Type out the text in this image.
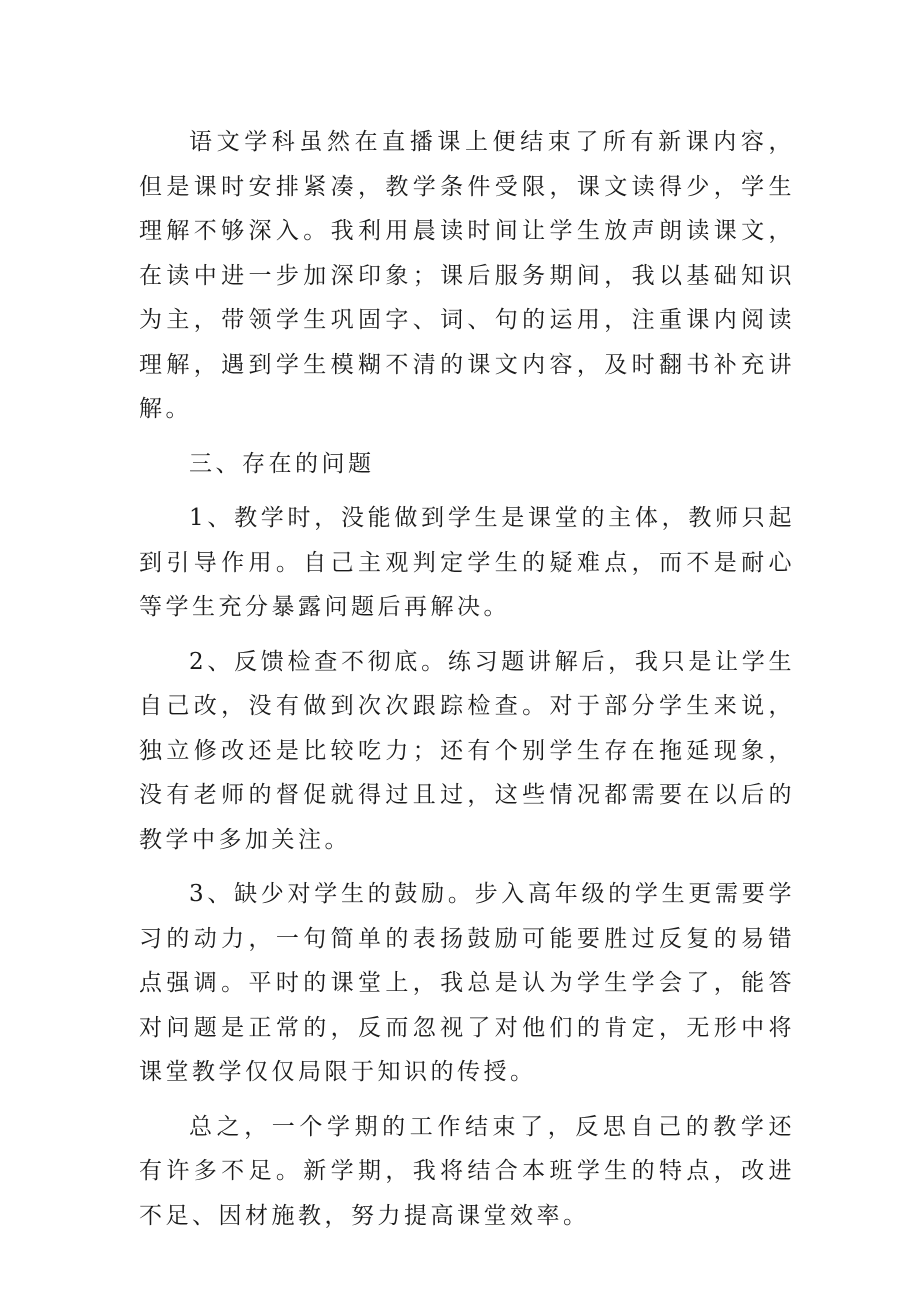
语文学科虽然在直播课上便结束了所有新课内容，但是课时安排紧凑，教学条件受限，课文读得少，学生理解不够深入。我利用晨读时间让学生放声朗读课文，在读中进一步加深印象；课后服务期间，我以基础知识为主，带领学生巩固字、词、句的运用，注重课内阅读理解，遇到学生模糊不清的课文内容，及时翻书补充讲解。

三、存在的问题

1、教学时，没能做到学生是课堂的主体，教师只起到引导作用。自己主观判定学生的疑难点，而不是耐心等学生充分暴露问题后再解决。

2、反馈检查不彻底。练习题讲解后，我只是让学生自己改，没有做到次次跟踪检查。对于部分学生来说，独立修改还是比较吃力；还有个别学生存在拖延现象，没有老师的督促就得过且过，这些情况都需要在以后的教学中多加关注。

3、缺少对学生的鼓励。步入高年级的学生更需要学习的动力，一句简单的表扬鼓励可能要胜过反复的易错点强调。平时的课堂上，我总是认为学生学会了，能答对问题是正常的，反而忽视了对他们的肯定，无形中将课堂教学仅仅局限于知识的传授。

总之，一个学期的工作结束了，反思自己的教学还有许多不足。新学期，我将结合本班学生的特点，改进不足、因材施教，努力提高课堂效率。
